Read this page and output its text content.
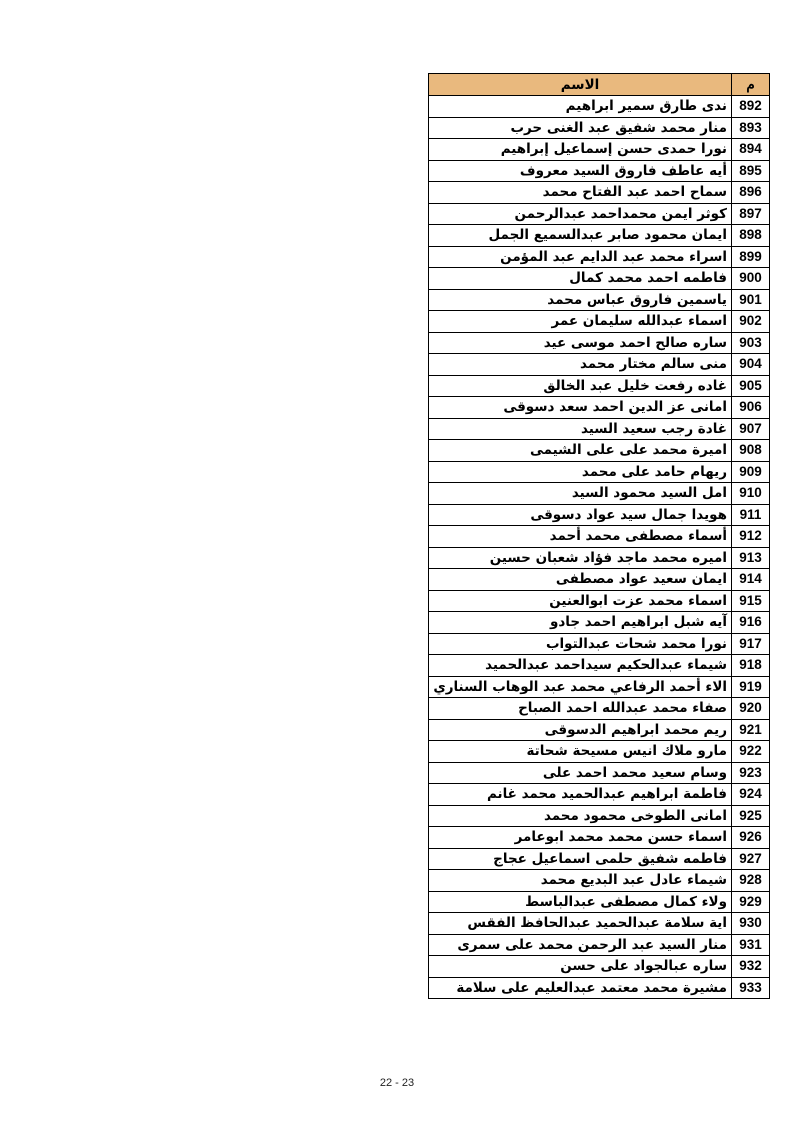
م	الاسم
892	ندى طارق سمير ابراهيم
893	منار محمد شفيق عبد الغنى حرب
894	نورا حمدى حسن إسماعيل إبراهيم
895	أيه عاطف فاروق السيد معروف
896	سماح احمد عبد الفتاح محمد
897	كوثر ايمن محمداحمد عبدالرحمن
898	ايمان محمود صابر عبدالسميع الجمل
899	اسراء محمد عبد الدايم عبد المؤمن
900	فاطمه احمد محمد كمال
901	ياسمين فاروق عباس محمد
902	اسماء عبدالله سليمان عمر
903	ساره صالح احمد موسى عيد
904	منى سالم مختار محمد
905	غاده رفعت خليل عبد الخالق
906	امانى عز الدين احمد سعد دسوقى
907	غادة رجب سعيد السيد
908	اميرة محمد على على الشيمى
909	ريهام حامد على محمد
910	امل السيد محمود السيد
911	هويدا جمال سيد عواد دسوقى
912	أسماء مصطفى محمد أحمد
913	اميره محمد ماجد فؤاد شعبان حسين
914	ايمان سعيد عواد مصطفى
915	اسماء محمد عزت ابوالعنين
916	آيه شبل ابراهيم احمد جادو
917	نورا محمد شحات عبدالتواب
918	شيماء عبدالحكيم سيداحمد عبدالحميد
919	الاء أحمد الرفاعي محمد عبد الوهاب السناري
920	صفاء محمد عبدالله احمد الصباح
921	ريم محمد ابراهيم الدسوقى
922	مارو ملاك انيس مسيحة شحاتة
923	وسام سعيد محمد احمد على
924	فاطمة ابراهيم عبدالحميد محمد غانم
925	امانى الطوخى محمود محمد
926	اسماء حسن محمد محمد ابوعامر
927	فاطمه شفيق حلمى اسماعيل عجاج
928	شيماء عادل عبد البديع محمد
929	ولاء كمال مصطفى عبدالباسط
930	اية سلامة عبدالحميد عبدالحافظ الفقس
931	منار السيد عبد الرحمن محمد على سمرى
932	ساره عبالجواد على حسن
933	مشيرة محمد معتمد عبدالعليم على سلامة
22 - 23
